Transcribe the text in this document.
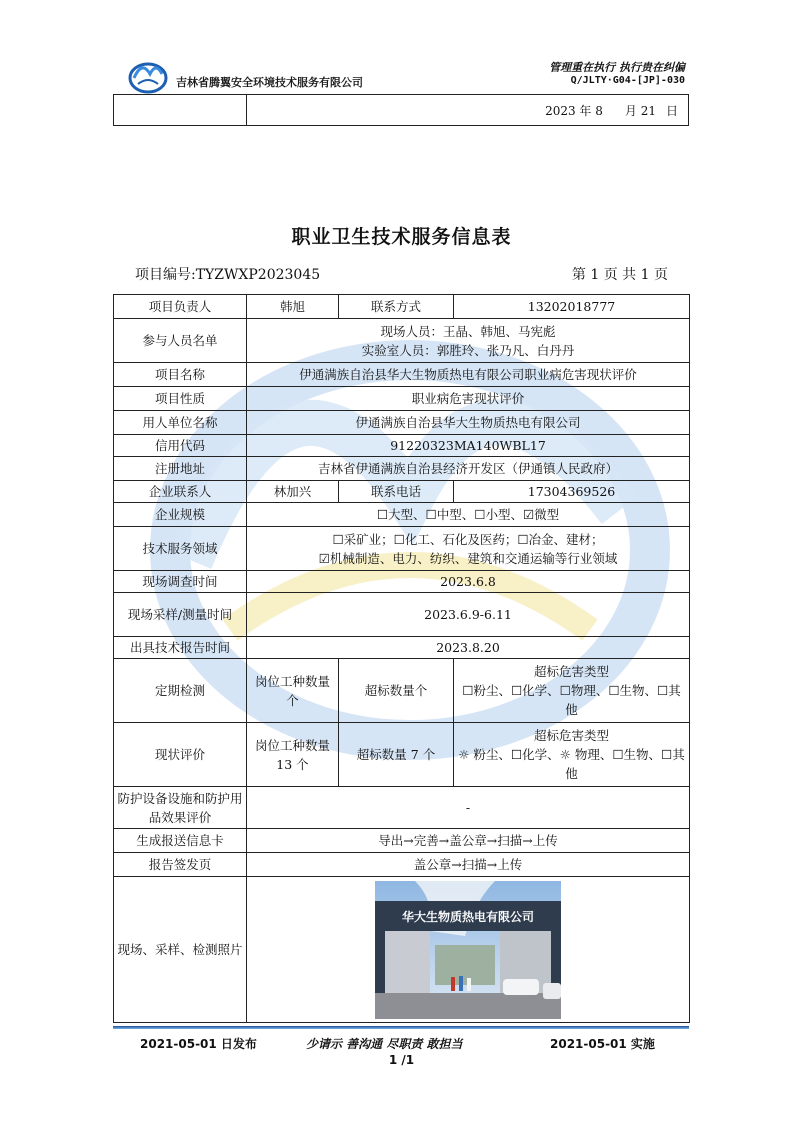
吉林省腾翼安全环境技术服务有限公司
管理重在执行 执行贵在纠偏
Q/JLTY·G04-[JP]-030
2023 年 8 月 21 日
职业卫生技术服务信息表
项目编号:TYZWXP2023045	第 1 页 共 1 页
项目负责人	韩旭	联系方式	13202018777
参与人员名单	现场人员：王晶、韩旭、马宪彪
实验室人员：郭胜玲、张乃凡、白丹丹		

项目名称	伊通满族自治县华大生物质热电有限公司职业病危害现状评价		
项目性质	职业病危害现状评价		
用人单位名称	伊通满族自治县华大生物质热电有限公司		
信用代码	91220323MA140WBL17		
注册地址	吉林省伊通满族自治县经济开发区（伊通镇人民政府）		
企业联系人	林加兴	联系电话	17304369526
企业规模	☐大型、☐中型、☐小型、☑微型		
技术服务领域	☐采矿业；☐化工、石化及医药；☐冶金、建材；
☑机械制造、电力、纺织、建筑和交通运输等行业领域		

现场调查时间	2023.6.8		
现场采样/测量时间	2023.6.9-6.11		
出具技术报告时间	2023.8.20		
定期检测	岗位工种数量个	超标数量个	超标危害类型
☐粉尘、☐化学、☐物理、☐生物、☐其他

现状评价	岗位工种数量　13 个	超标数量 7 个	超标危害类型
☼ 粉尘、☐化学、☼ 物理、☐生物、☐其他

防护设备设施和防护用品效果评价	-		
生成报送信息卡	导出→完善→盖公章→扫描→上传		
报告签发页	盖公章→扫描→上传		
现场、采样、检测照片	华大生物质热电有限公司		
2021-05-01 日发布	少请示 善沟通 尽职责 敢担当	2021-05-01 实施
1 /1
